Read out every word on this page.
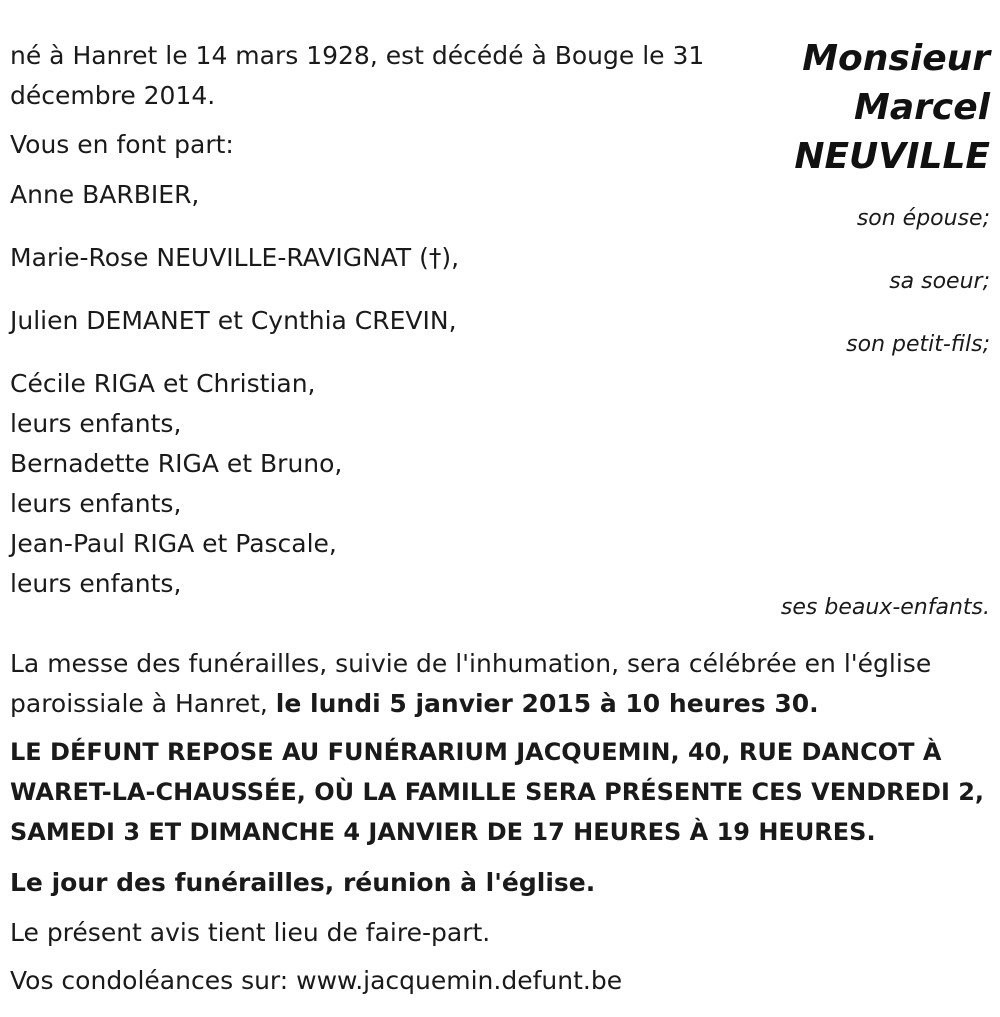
Monsieur
Marcel
NEUVILLE
né à Hanret le 14 mars 1928, est décédé à Bouge le 31
décembre 2014.
Vous en font part:
Anne BARBIER,
son épouse;
Marie-Rose NEUVILLE-RAVIGNAT (†),
sa soeur;
Julien DEMANET et Cynthia CREVIN,
son petit-fils;
Cécile RIGA et Christian,
leurs enfants,
Bernadette RIGA et Bruno,
leurs enfants,
Jean-Paul RIGA et Pascale,
leurs enfants,
ses beaux-enfants.
La messe des funérailles, suivie de l'inhumation, sera célébrée en l'église
paroissiale à Hanret, le lundi 5 janvier 2015 à 10 heures 30.
LE DÉFUNT REPOSE AU FUNÉRARIUM JACQUEMIN, 40, RUE DANCOT À
WARET-LA-CHAUSSÉE, OÙ LA FAMILLE SERA PRÉSENTE CES VENDREDI 2,
SAMEDI 3 ET DIMANCHE 4 JANVIER DE 17 HEURES À 19 HEURES.
Le jour des funérailles, réunion à l'église.
Le présent avis tient lieu de faire-part.
Vos condoléances sur: www.jacquemin.defunt.be
